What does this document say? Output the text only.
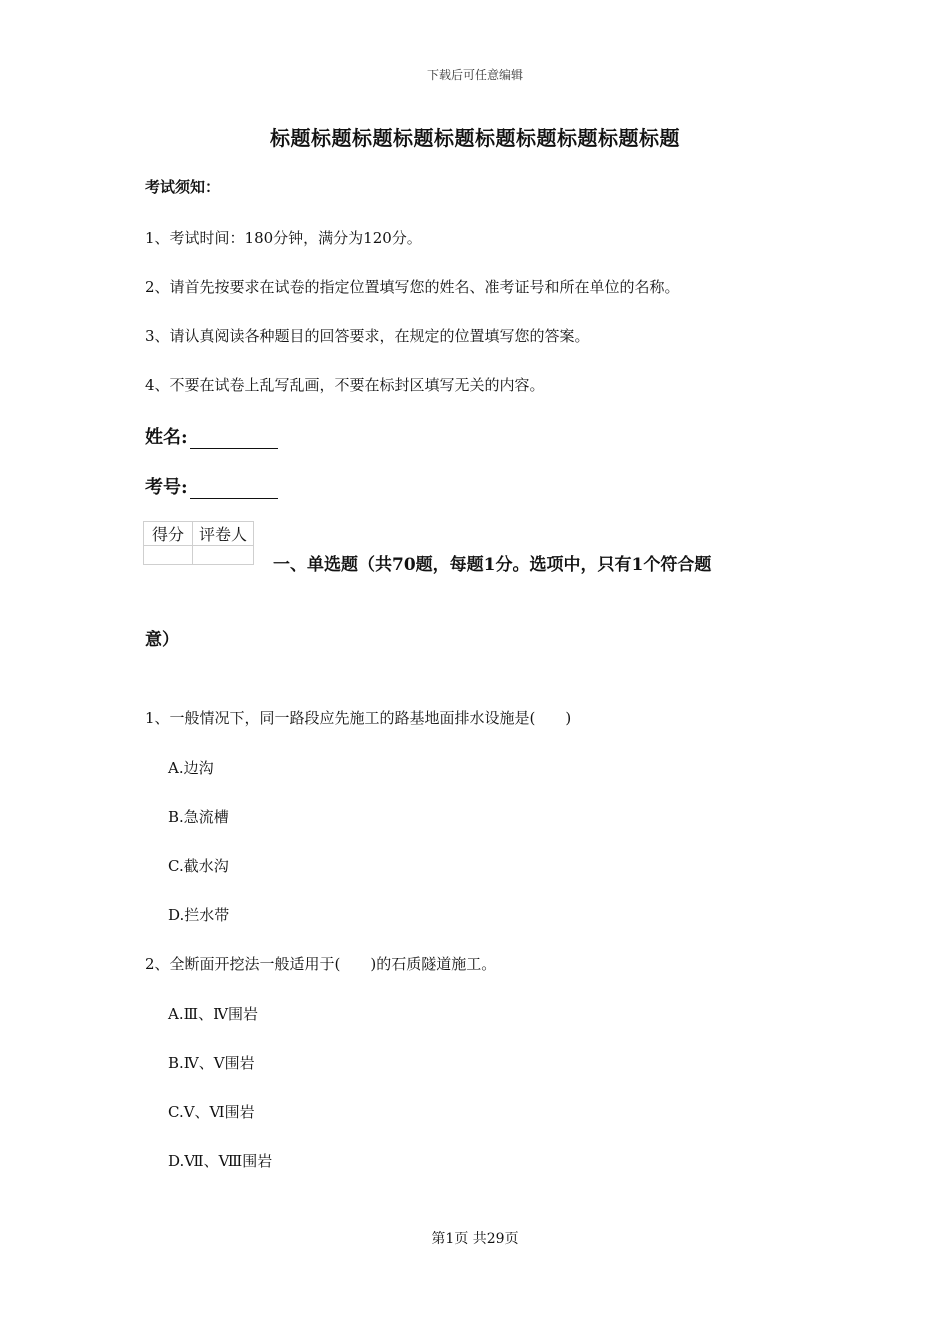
下载后可任意编辑
标题标题标题标题标题标题标题标题标题标题
考试须知：
1、考试时间：180分钟，满分为120分。
2、请首先按要求在试卷的指定位置填写您的姓名、准考证号和所在单位的名称。
3、请认真阅读各种题目的回答要求，在规定的位置填写您的答案。
4、不要在试卷上乱写乱画，不要在标封区填写无关的内容。
姓名:
考号:
得分	评卷人

一、单选题（共70题，每题1分。选项中，只有1个符合题
意）
1、一般情况下，同一路段应先施工的路基地面排水设施是(　　)
A.边沟
B.急流槽
C.截水沟
D.拦水带
2、全断面开挖法一般适用于(　　)的石质隧道施工。
A.Ⅲ、Ⅳ围岩
B.Ⅳ、Ⅴ围岩
C.Ⅴ、Ⅵ围岩
D.Ⅶ、Ⅷ围岩
第1页 共29页
